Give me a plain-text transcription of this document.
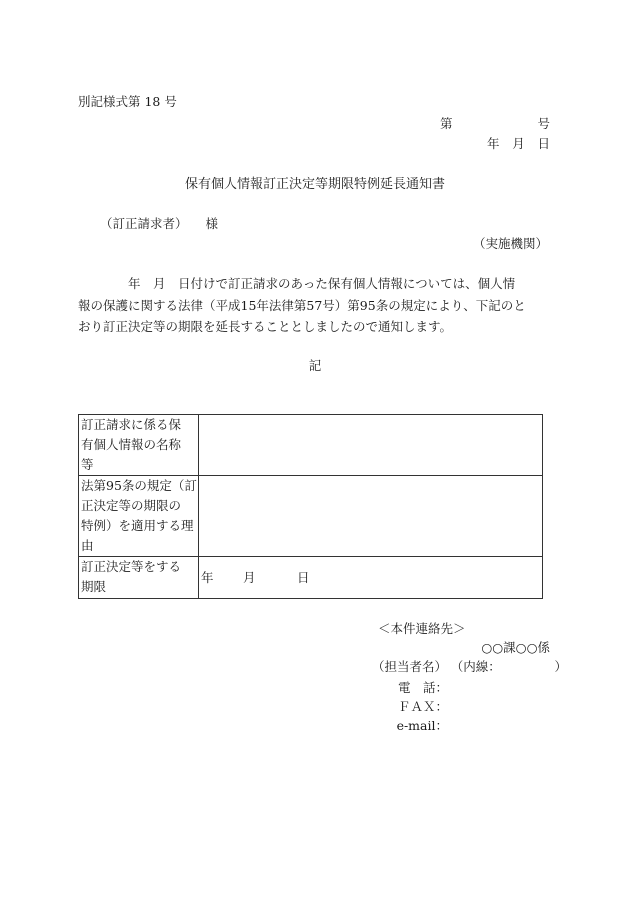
別記様式第 18 号
第	号
年 月 日
保有個人情報訂正決定等期限特例延長通知書
（訂正請求者） 様
（実施機関）
年　月　日付けで訂正請求のあった保有個人情報については、個人情
報の保護に関する法律（平成15年法律第57号）第95条の規定により、下記のと
おり訂正決定等の期限を延長することとしましたので通知します。
記
訂正請求に係る保
有個人情報の名称
等	

法第95条の規定（訂
正決定等の期限の
特例）を適用する理
由	

訂正決定等をする
期限	年 月 日
＜本件連絡先＞
○○課○○係
（担当者名） （内線：	）
電　話：
ＦＡＸ：
e-mail：
